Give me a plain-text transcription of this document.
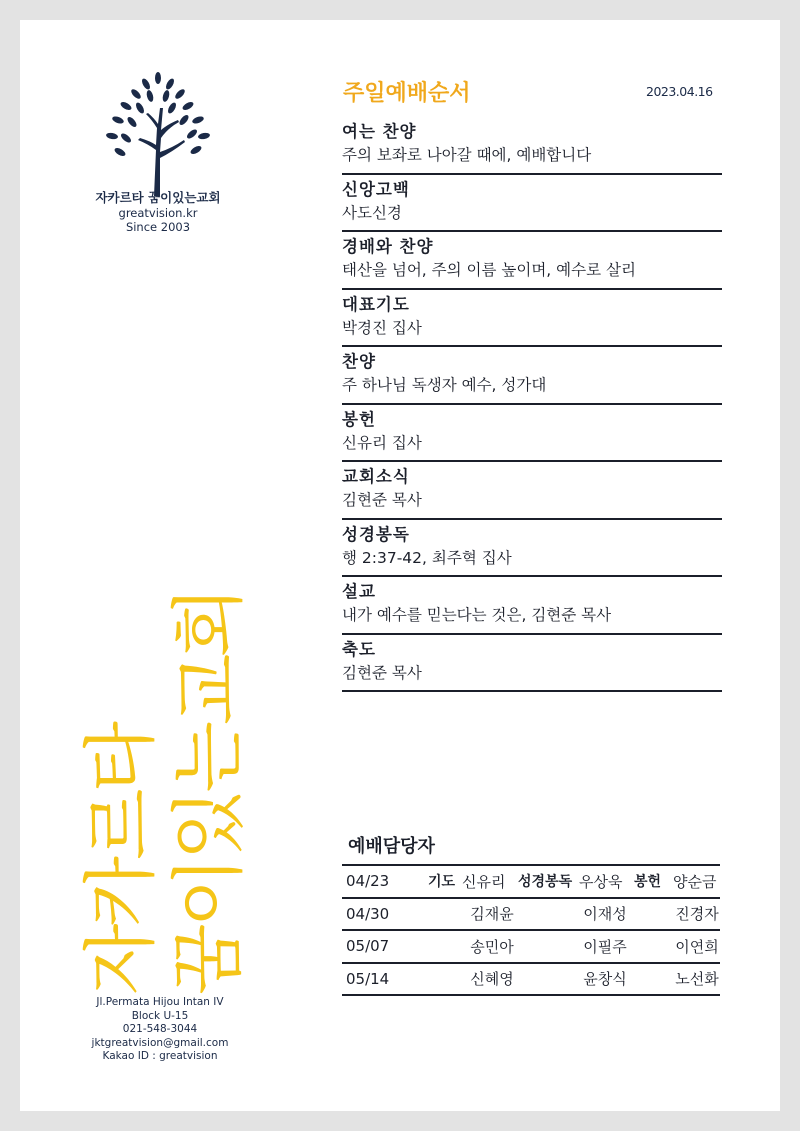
자카르타 꿈이있는교회
greatvision.kr
Since 2003
자카르타 꿈이있는교회
Jl.Permata Hijou Intan IV
Block U-15
021-548-3044
jktgreatvision@gmail.com
Kakao ID : greatvision
주일예배순서	2023.04.16
여는 찬양
주의 보좌로 나아갈 때에, 예배합니다
신앙고백
사도신경
경배와 찬양
태산을 넘어, 주의 이름 높이며, 예수로 살리
대표기도
박경진 집사
찬양
주 하나님 독생자 예수, 성가대
봉헌
신유리 집사
교회소식
김현준 목사
성경봉독
행 2:37-42, 최주혁 집사
설교
내가 예수를 믿는다는 것은, 김현준 목사
축도
김현준 목사
예배담당자
04/23	기도 신유리 성경봉독 우상욱 봉헌 양순금
04/30	김재윤	이재성	진경자
05/07	송민아	이필주	이연희
05/14	신혜영	윤창식	노선화
